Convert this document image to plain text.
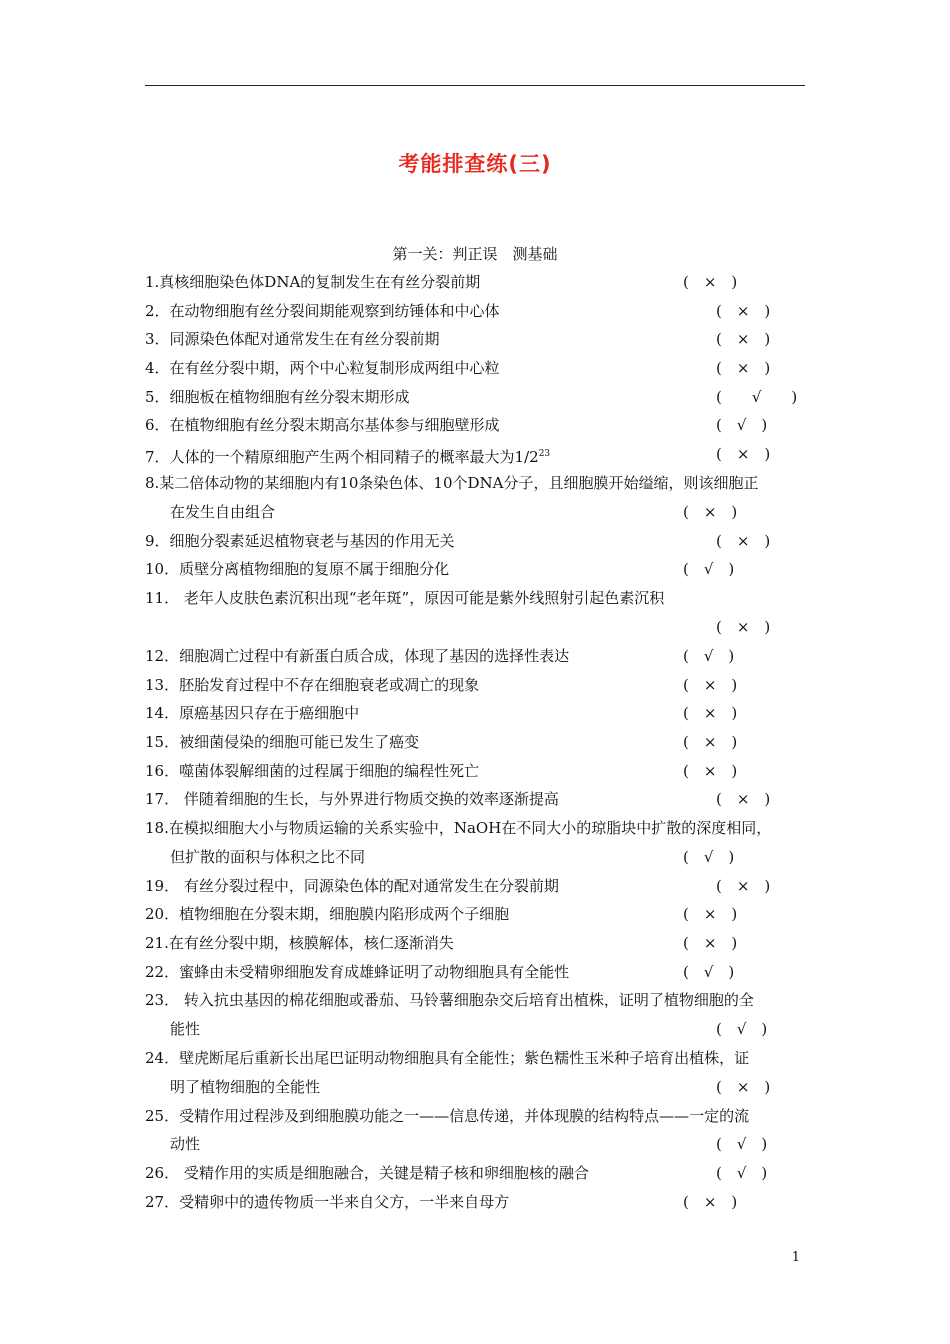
考能排查练(三)
第一关：判正误　测基础
1.真核细胞染色体DNA的复制发生在有丝分裂前期	(　×　)
2．在动物细胞有丝分裂间期能观察到纺锤体和中心体	(　×　)
3．同源染色体配对通常发生在有丝分裂前期	(　×　)
4．在有丝分裂中期，两个中心粒复制形成两组中心粒	(　×　)
5．细胞板在植物细胞有丝分裂末期形成	(　　√　　)
6．在植物细胞有丝分裂末期高尔基体参与细胞壁形成	(　√　)
7．人体的一个精原细胞产生两个相同精子的概率最大为$1/2^{23}$	(　×　)
8.某二倍体动物的某细胞内有10条染色体、10个DNA分子，且细胞膜开始缢缩，则该细胞正
在发生自由组合	(　×　)
9．细胞分裂素延迟植物衰老与基因的作用无关	(　×　)
10．质壁分离植物细胞的复原不属于细胞分化	(　√　)
11． 老年人皮肤色素沉积出现“老年斑”，原因可能是紫外线照射引起色素沉积
(　×　)
12．细胞凋亡过程中有新蛋白质合成，体现了基因的选择性表达	(　√　)
13．胚胎发育过程中不存在细胞衰老或凋亡的现象	(　×　)
14．原癌基因只存在于癌细胞中	(　×　)
15．被细菌侵染的细胞可能已发生了癌变	(　×　)
16．噬菌体裂解细菌的过程属于细胞的编程性死亡	(　×　)
17． 伴随着细胞的生长，与外界进行物质交换的效率逐渐提高	(　×　)
18.在模拟细胞大小与物质运输的关系实验中，NaOH在不同大小的琼脂块中扩散的深度相同，
但扩散的面积与体积之比不同	(　√　)
19． 有丝分裂过程中，同源染色体的配对通常发生在分裂前期	(　×　)
20．植物细胞在分裂末期，细胞膜内陷形成两个子细胞	(　×　)
21.在有丝分裂中期，核膜解体，核仁逐渐消失	(　×　)
22．蜜蜂由未受精卵细胞发育成雄蜂证明了动物细胞具有全能性	(　√　)
23． 转入抗虫基因的棉花细胞或番茄、马铃薯细胞杂交后培育出植株，证明了植物细胞的全
能性	(　√　)
24．壁虎断尾后重新长出尾巴证明动物细胞具有全能性；紫色糯性玉米种子培育出植株，证
明了植物细胞的全能性	(　×　)
25．受精作用过程涉及到细胞膜功能之一——信息传递，并体现膜的结构特点——一定的流
动性	(　√　)
26． 受精作用的实质是细胞融合，关键是精子核和卵细胞核的融合	(　√　)
27．受精卵中的遗传物质一半来自父方，一半来自母方	(　×　)
1
